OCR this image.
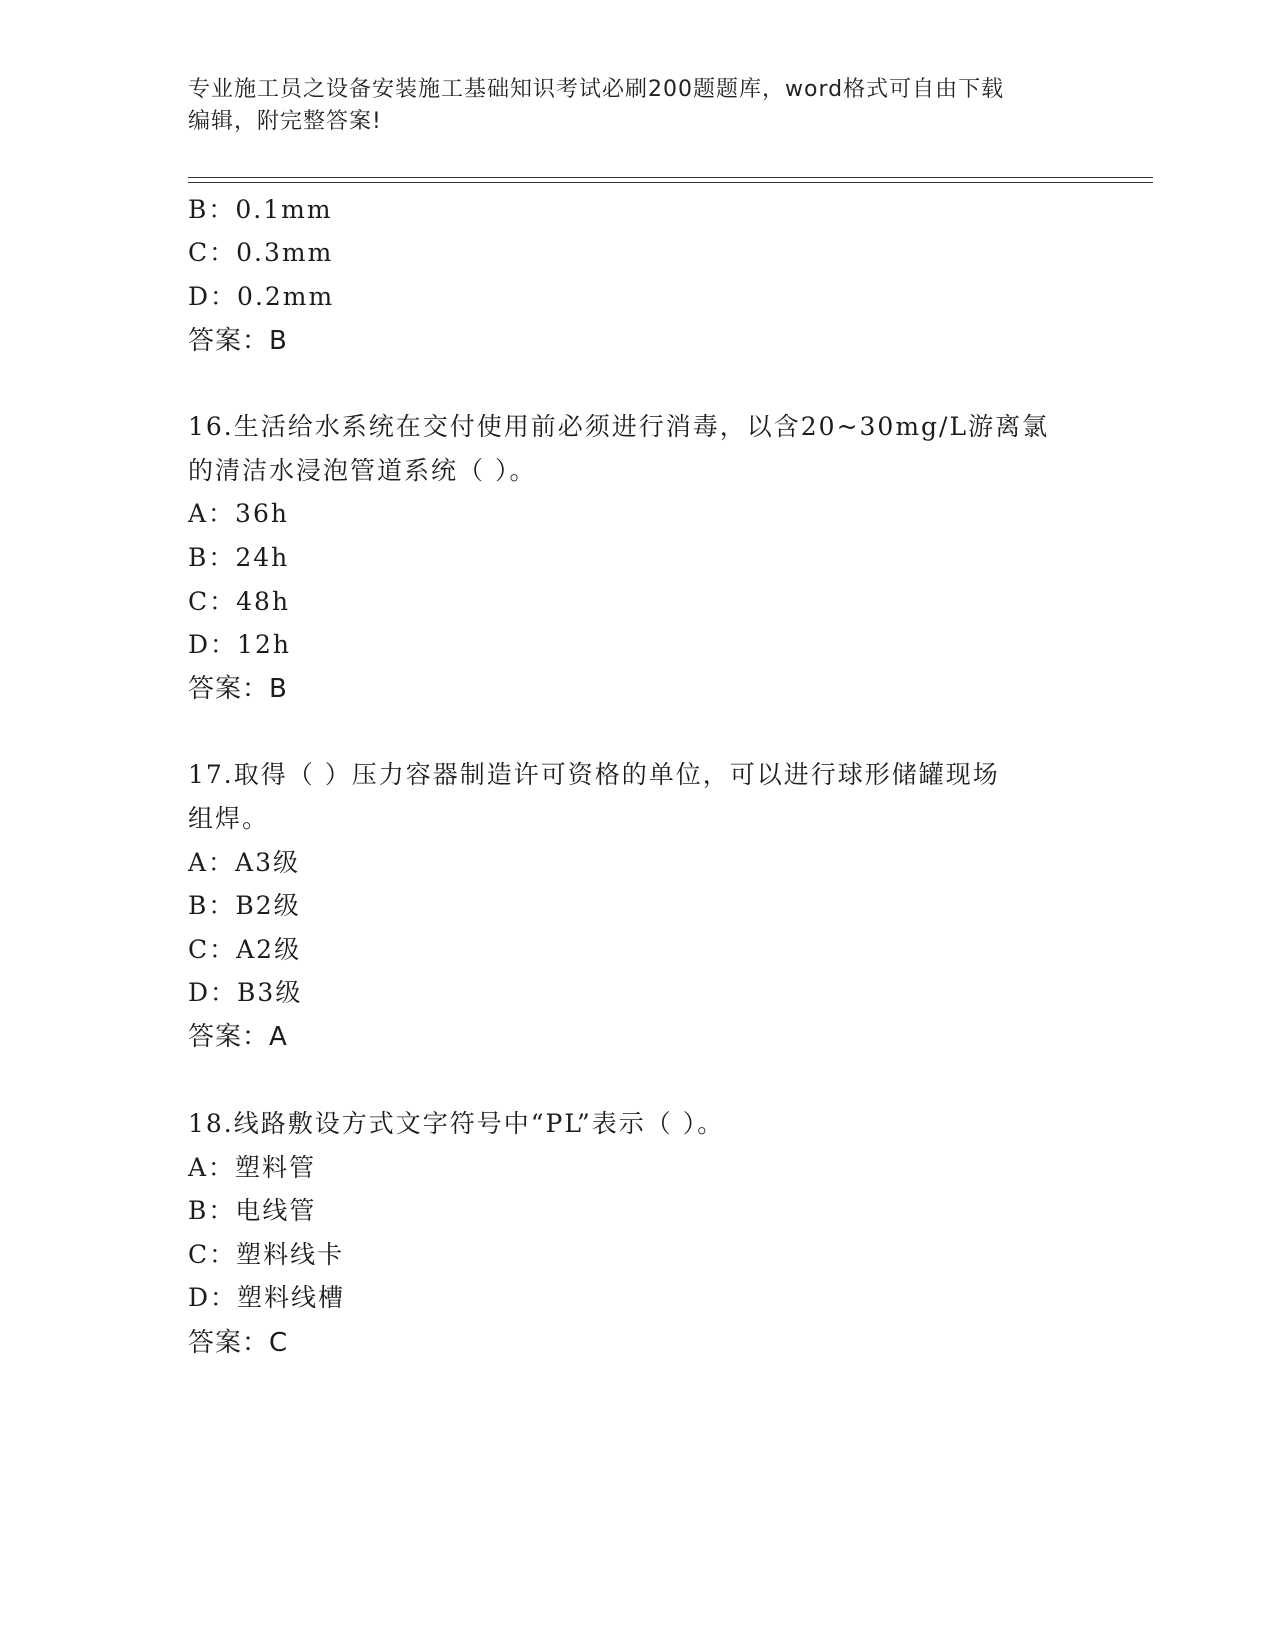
专业施工员之设备安装施工基础知识考试必刷200题题库，word格式可自由下载
编辑，附完整答案!
B：0.1mm
C：0.3mm
D：0.2mm
答案：B
16.生活给水系统在交付使用前必须进行消毒，以含20~30mg/L游离氯
的清洁水浸泡管道系统（ ）。
A：36h
B：24h
C：48h
D：12h
答案：B
17.取得（ ）压力容器制造许可资格的单位，可以进行球形储罐现场
组焊。
A：A3级
B：B2级
C：A2级
D：B3级
答案：A
18.线路敷设方式文字符号中“PL”表示（ ）。
A：塑料管
B：电线管
C：塑料线卡
D：塑料线槽
答案：C
